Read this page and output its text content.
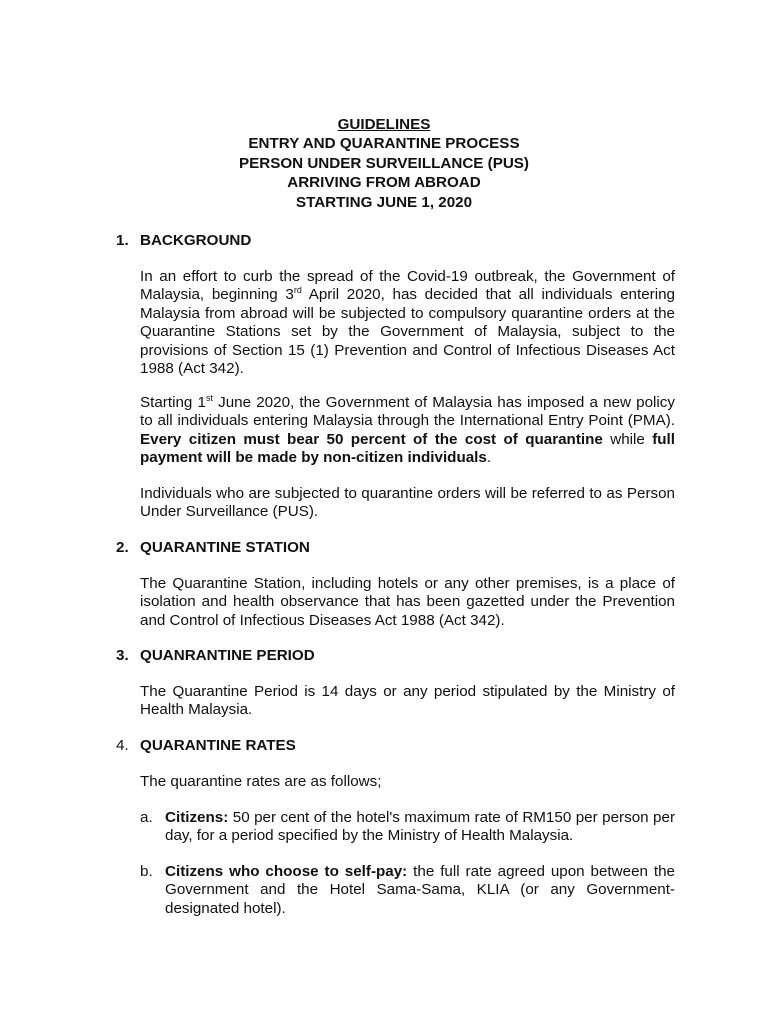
GUIDELINES
ENTRY AND QUARANTINE PROCESS
PERSON UNDER SURVEILLANCE (PUS)
ARRIVING FROM ABROAD
STARTING JUNE 1, 2020
1. BACKGROUND
In an effort to curb the spread of the Covid-19 outbreak, the Government of Malaysia, beginning 3rd April 2020, has decided that all individuals entering Malaysia from abroad will be subjected to compulsory quarantine orders at the Quarantine Stations set by the Government of Malaysia, subject to the provisions of Section 15 (1) Prevention and Control of Infectious Diseases Act 1988 (Act 342).
Starting 1st June 2020, the Government of Malaysia has imposed a new policy to all individuals entering Malaysia through the International Entry Point (PMA). Every citizen must bear 50 percent of the cost of quarantine while full payment will be made by non-citizen individuals.
Individuals who are subjected to quarantine orders will be referred to as Person Under Surveillance (PUS).
2. QUARANTINE STATION
The Quarantine Station, including hotels or any other premises, is a place of isolation and health observance that has been gazetted under the Prevention and Control of Infectious Diseases Act 1988 (Act 342).
3. QUANRANTINE PERIOD
The Quarantine Period is 14 days or any period stipulated by the Ministry of Health Malaysia.
4. QUARANTINE RATES
The quarantine rates are as follows;
a. Citizens: 50 per cent of the hotel's maximum rate of RM150 per person per day, for a period specified by the Ministry of Health Malaysia.
b. Citizens who choose to self-pay: the full rate agreed upon between the Government and the Hotel Sama-Sama, KLIA (or any Government-designated hotel).
